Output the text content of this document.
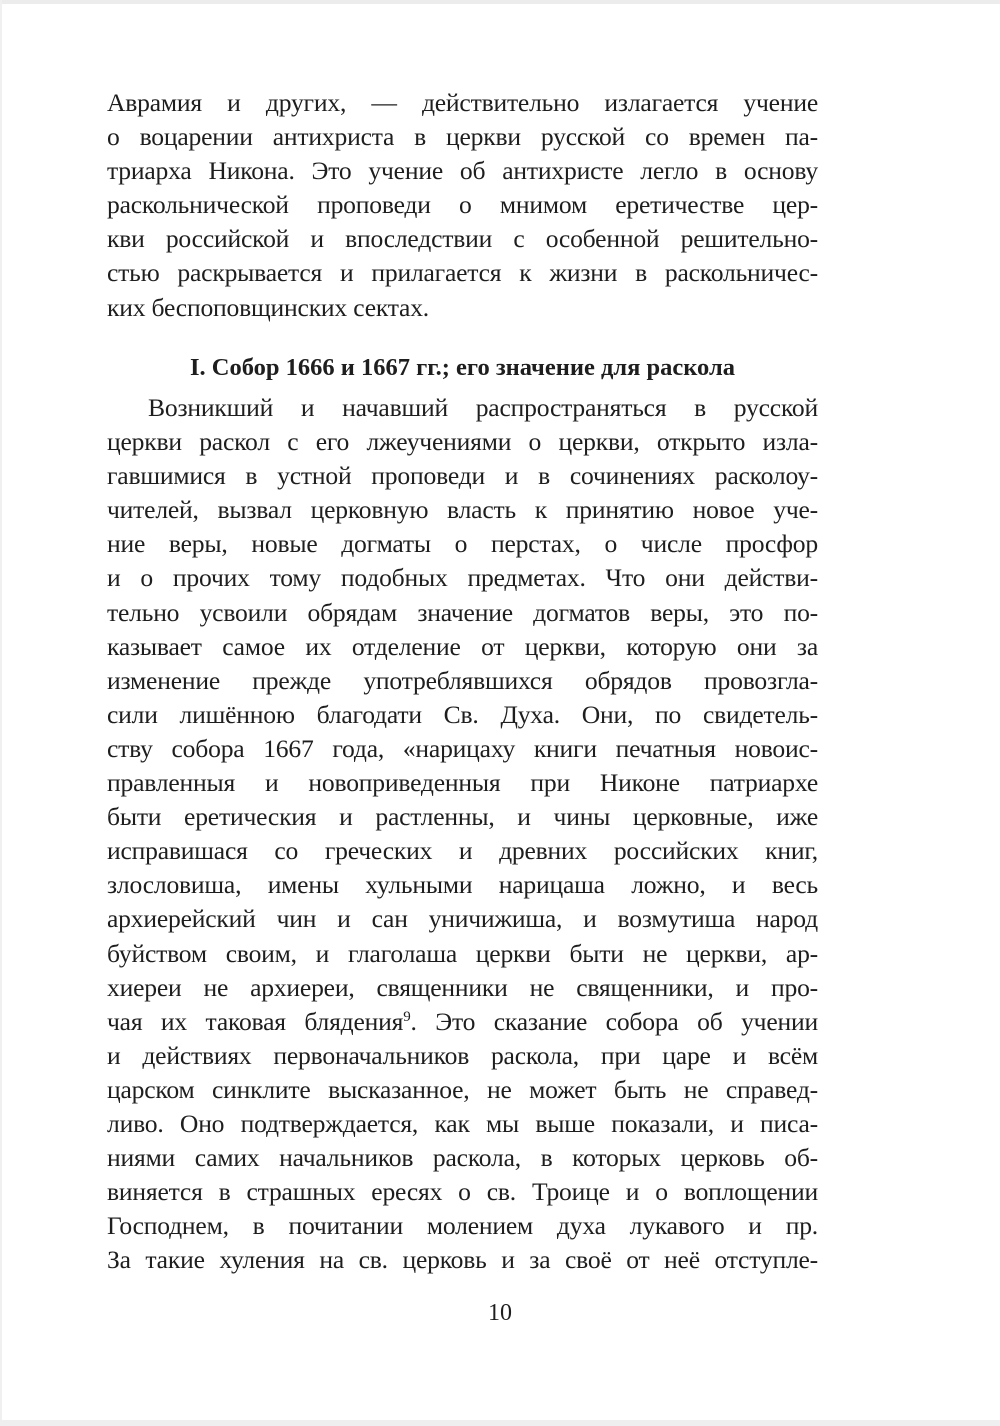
Аврамия и других, — действительно излагается учение
о воцарении антихриста в церкви русской со времен па-
триарха Никона. Это учение об антихристе легло в основу
раскольнической проповеди о мнимом еретичестве цер-
кви российской и впоследствии с особенной решительно-
стью раскрывается и прилагается к жизни в раскольничес-
ких беспоповщинских сектах.
I. Собор 1666 и 1667 гг.; его значение для раскола
Возникший и начавший распространяться в русской
церкви раскол с его лжеучениями о церкви, открыто изла-
гавшимися в устной проповеди и в сочинениях расколоу-
чителей, вызвал церковную власть к принятию новое уче-
ние веры, новые догматы о перстах, о числе просфор
и о прочих тому подобных предметах. Что они действи-
тельно усвоили обрядам значение догматов веры, это по-
казывает самое их отделение от церкви, которую они за
изменение прежде употреблявшихся обрядов провозгла-
сили лишённою благодати Св. Духа. Они, по свидетель-
ству собора 1667 года, «нарицаху книги печатныя новоис-
правленныя и новоприведенныя при Никоне патриархе
быти еретическия и растленны, и чины церковные, иже
исправишася со греческих и древних российских книг,
злословиша, имены хульными нарицаша ложно, и весь
архиерейский чин и сан уничижиша, и возмутиша народ
буйством своим, и глаголаша церкви быти не церкви, ар-
хиереи не архиереи, священники не священники, и про-
чая их таковая блядения$^9$. Это сказание собора об учении
и действиях первоначальников раскола, при царе и всём
царском синклите высказанное, не может быть не справед-
ливо. Оно подтверждается, как мы выше показали, и писа-
ниями самих начальников раскола, в которых церковь об-
виняется в страшных ересях о св. Троице и о воплощении
Господнем, в почитании молением духа лукавого и пр.
За такие хуления на св. церковь и за своё от неё отступле-
10
